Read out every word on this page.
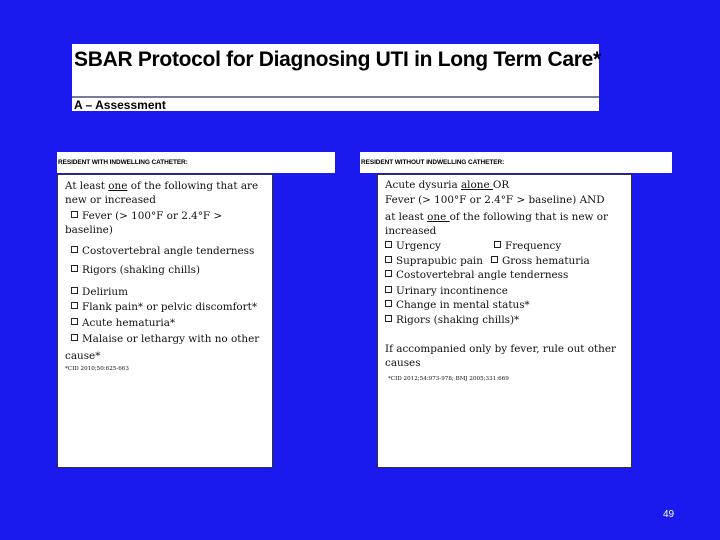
SBAR Protocol for Diagnosing UTI in Long Term Care*
A – Assessment
RESIDENT WITH INDWELLING CATHETER:
At least one of the following that are
new or increased
Fever (> 100°F or 2.4°F >
baseline)
Costovertebral angle tenderness
Rigors (shaking chills)
Delirium
Flank pain* or pelvic discomfort*
Acute hematuria*
Malaise or lethargy with no other
cause*
*CID 2010;50:625-663
RESIDENT WITHOUT INDWELLING CATHETER:
Acute dysuria alone OR
Fever (> 100°F or 2.4°F > baseline) AND
at least one of the following that is new or
increased
Urgency	Frequency
Suprapubic pain	Gross hematuria
Costovertebral angle tenderness
Urinary incontinence
Change in mental status*
Rigors (shaking chills)*
If accompanied only by fever, rule out other
causes
*CID 2012;54:973-978; BMJ 2005;331:669
49
